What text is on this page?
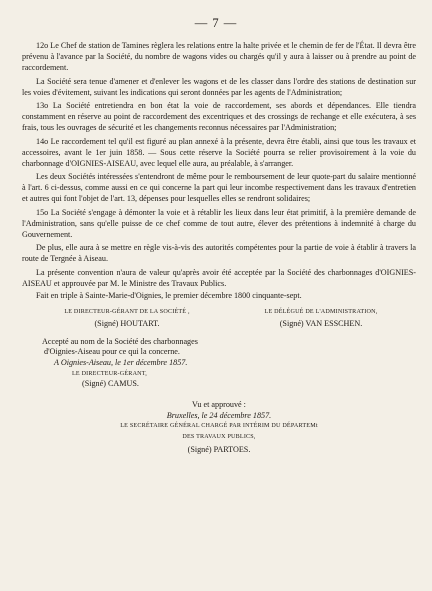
— 7 —

12o Le Chef de station de Tamines règlera les relations entre la halte privée et le chemin de fer de l'État. Il devra être prévenu à l'avance par la Société, du nombre de wagons vides ou chargés qu'il y aura à laisser ou à prendre au point de raccordement.

La Société sera tenue d'amener et d'enlever les wagons et de les classer dans l'ordre des stations de destination sur les voies d'évitement, suivant les indications qui seront données par les agents de l'Administration;

13o La Société entretiendra en bon état la voie de raccordement, ses abords et dépendances. Elle tiendra constamment en réserve au point de raccordement des excentriques et des crossings de rechange et elle exécutera, à ses frais, tous les ouvrages de sécurité et les changements reconnus nécessaires par l'Administration;

14o Le raccordement tel qu'il est figuré au plan annexé à la présente, devra être établi, ainsi que tous les travaux et accessoires, avant le 1er juin 1858. — Sous cette réserve la Société pourra se relier provisoirement à la voie du charbonnage d'OIGNIES-AISEAU, avec lequel elle aura, au préalable, à s'arranger.

Les deux Sociétés intéressées s'entendront de même pour le remboursement de leur quote-part du salaire mentionné à l'art. 6 ci-dessus, comme aussi en ce qui concerne la part qui leur incombe respectivement dans les travaux d'entretien et autres qui font l'objet de l'art. 13, dépenses pour lesquelles elles se rendront solidaires;

15o La Société s'engage à démonter la voie et à rétablir les lieux dans leur état primitif, à la première demande de l'Administration, sans qu'elle puisse de ce chef comme de tout autre, élever des prétentions à indemnité à charge du Gouvernement.

De plus, elle aura à se mettre en règle vis-à-vis des autorités compétentes pour la partie de voie à établir à travers la route de Tergnée à Aiseau.

La présente convention n'aura de valeur qu'après avoir été acceptée par la Société des charbonnages d'OIGNIES-AISEAU et approuvée par M. le Ministre des Travaux Publics.

Fait en triple à Sainte-Marie-d'Oignies, le premier décembre 1800 cinquante-sept.

LE DIRECTEUR-GÉRANT DE LA SOCIÉTÉ ,
(Signé) HOUTART.
LE DÉLÉGUÉ DE L'ADMINISTRATION,
(Signé) VAN ESSCHEN.
Accepté au nom de la Société des charbonnages
d'Oignies-Aiseau pour ce qui la concerne.
A Oignies-Aiseau, le 1er décembre 1857.
LE DIRECTEUR-GÉRANT,
(Signé) CAMUS.
Vu et approuvé :
Bruxelles, le 24 décembre 1857.
LE SECRÉTAIRE GÉNÉRAL CHARGÉ PAR INTÉRIM DU DÉPARTEMt
DES TRAVAUX PUBLICS,
(Signé) PARTOES.
